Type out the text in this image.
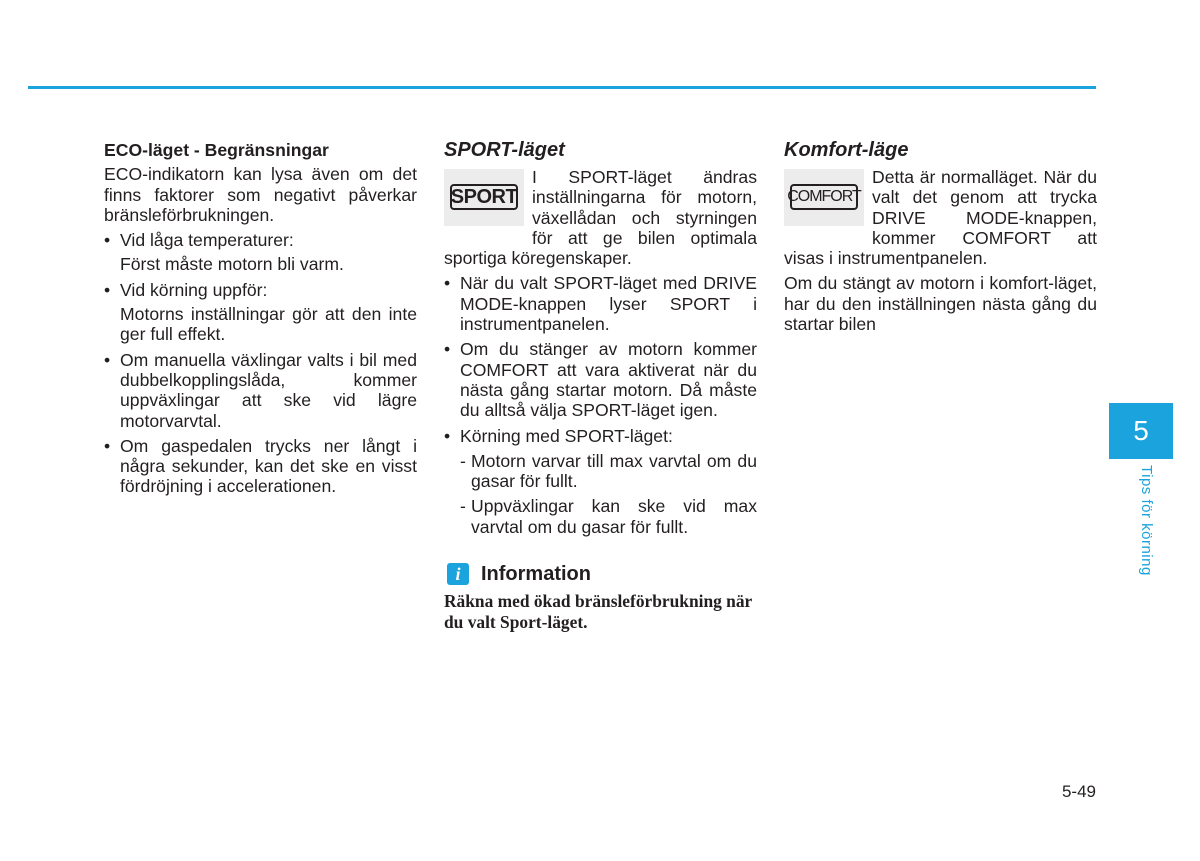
ECO-läget - Begränsningar

ECO-indikatorn kan lysa även om det finns faktorer som negativt påverkar bränsleförbrukningen.

• Vid låga temperaturer:
Först måste motorn bli varm.
• Vid körning uppför:
Motorns inställningar gör att den inte ger full effekt.
• Om manuella växlingar valts i bil med dubbelkopplingslåda, kommer uppväxlingar att ske vid lägre motorvarvtal.
• Om gaspedalen trycks ner långt i några sekunder, kan det ske en visst fördröjning i accelerationen.

SPORT-läget

SPORT

I SPORT-läget ändras inställningarna för motorn, växellådan och styrningen för att ge bilen optimala sportiga köregenskaper.

• När du valt SPORT-läget med DRIVE MODE-knappen lyser SPORT i instrumentpanelen.
• Om du stänger av motorn kommer COMFORT att vara aktiverat när du nästa gång startar motorn. Då måste du alltså välja SPORT-läget igen.
• Körning med SPORT-läget:
- Motorn varvar till max varvtal om du gasar för fullt.
- Uppväxlingar kan ske vid max varvtal om du gasar för fullt.
i	Information

Räkna med ökad bränsleförbrukning när du valt Sport-läget.

Komfort-läge

COMFORT

Detta är normalläget. När du valt det genom att trycka DRIVE MODE-knappen, kommer COMFORT att visas i instrumentpanelen.

Om du stängt av motorn i komfort-läget, har du den inställningen nästa gång du startar bilen

5
Tips för körning
5-49
